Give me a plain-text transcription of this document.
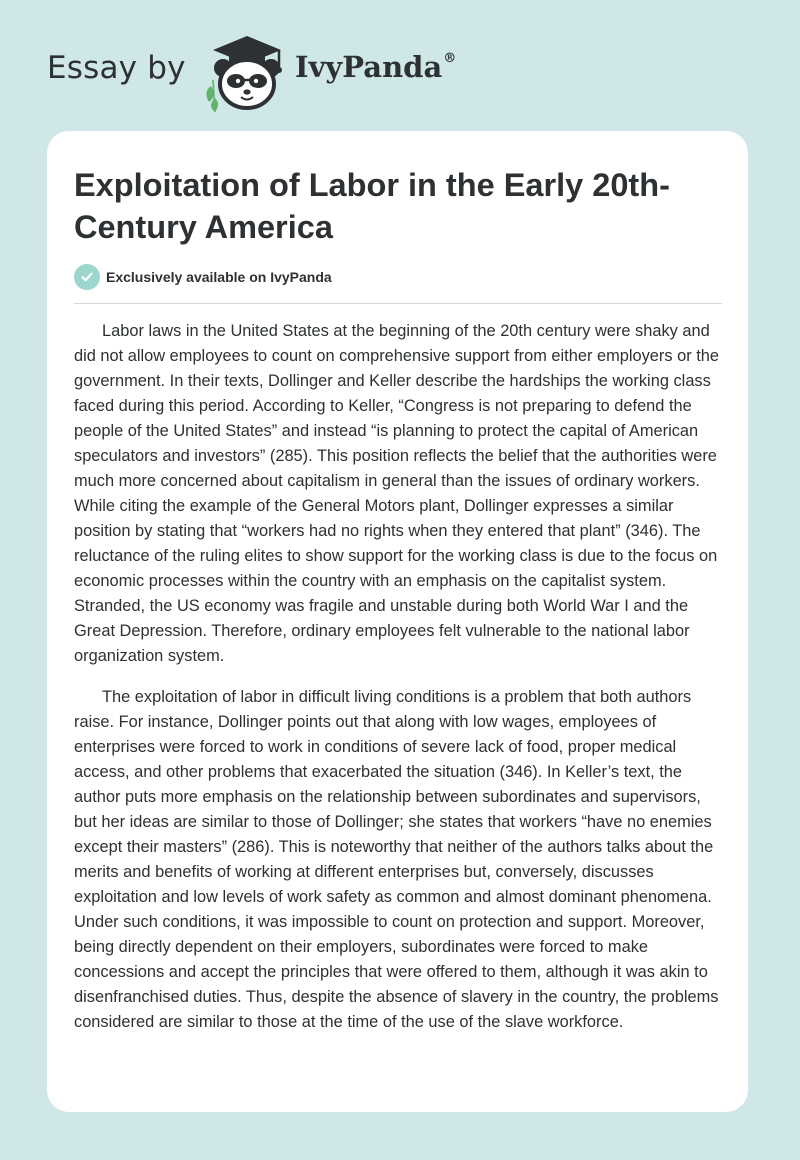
Essay by	IvyPanda®
Exploitation of Labor in the Early 20th-Century America
Exclusively available on IvyPanda

Labor laws in the United States at the beginning of the 20th century were shaky and did not allow employees to count on comprehensive support from either employers or the government. In their texts, Dollinger and Keller describe the hardships the working class faced during this period. According to Keller, “Congress is not preparing to defend the people of the United States” and instead “is planning to protect the capital of American speculators and investors” (285). This position reflects the belief that the authorities were much more concerned about capitalism in general than the issues of ordinary workers. While citing the example of the General Motors plant, Dollinger expresses a similar position by stating that “workers had no rights when they entered that plant” (346). The reluctance of the ruling elites to show support for the working class is due to the focus on economic processes within the country with an emphasis on the capitalist system. Stranded, the US economy was fragile and unstable during both World War I and the Great Depression. Therefore, ordinary employees felt vulnerable to the national labor organization system.

The exploitation of labor in difficult living conditions is a problem that both authors raise. For instance, Dollinger points out that along with low wages, employees of enterprises were forced to work in conditions of severe lack of food, proper medical access, and other problems that exacerbated the situation (346). In Keller’s text, the author puts more emphasis on the relationship between subordinates and supervisors, but her ideas are similar to those of Dollinger; she states that workers “have no enemies except their masters” (286). This is noteworthy that neither of the authors talks about the merits and benefits of working at different enterprises but, conversely, discusses exploitation and low levels of work safety as common and almost dominant phenomena. Under such conditions, it was impossible to count on protection and support. Moreover, being directly dependent on their employers, subordinates were forced to make concessions and accept the principles that were offered to them, although it was akin to disenfranchised duties. Thus, despite the absence of slavery in the country, the problems considered are similar to those at the time of the use of the slave workforce.
